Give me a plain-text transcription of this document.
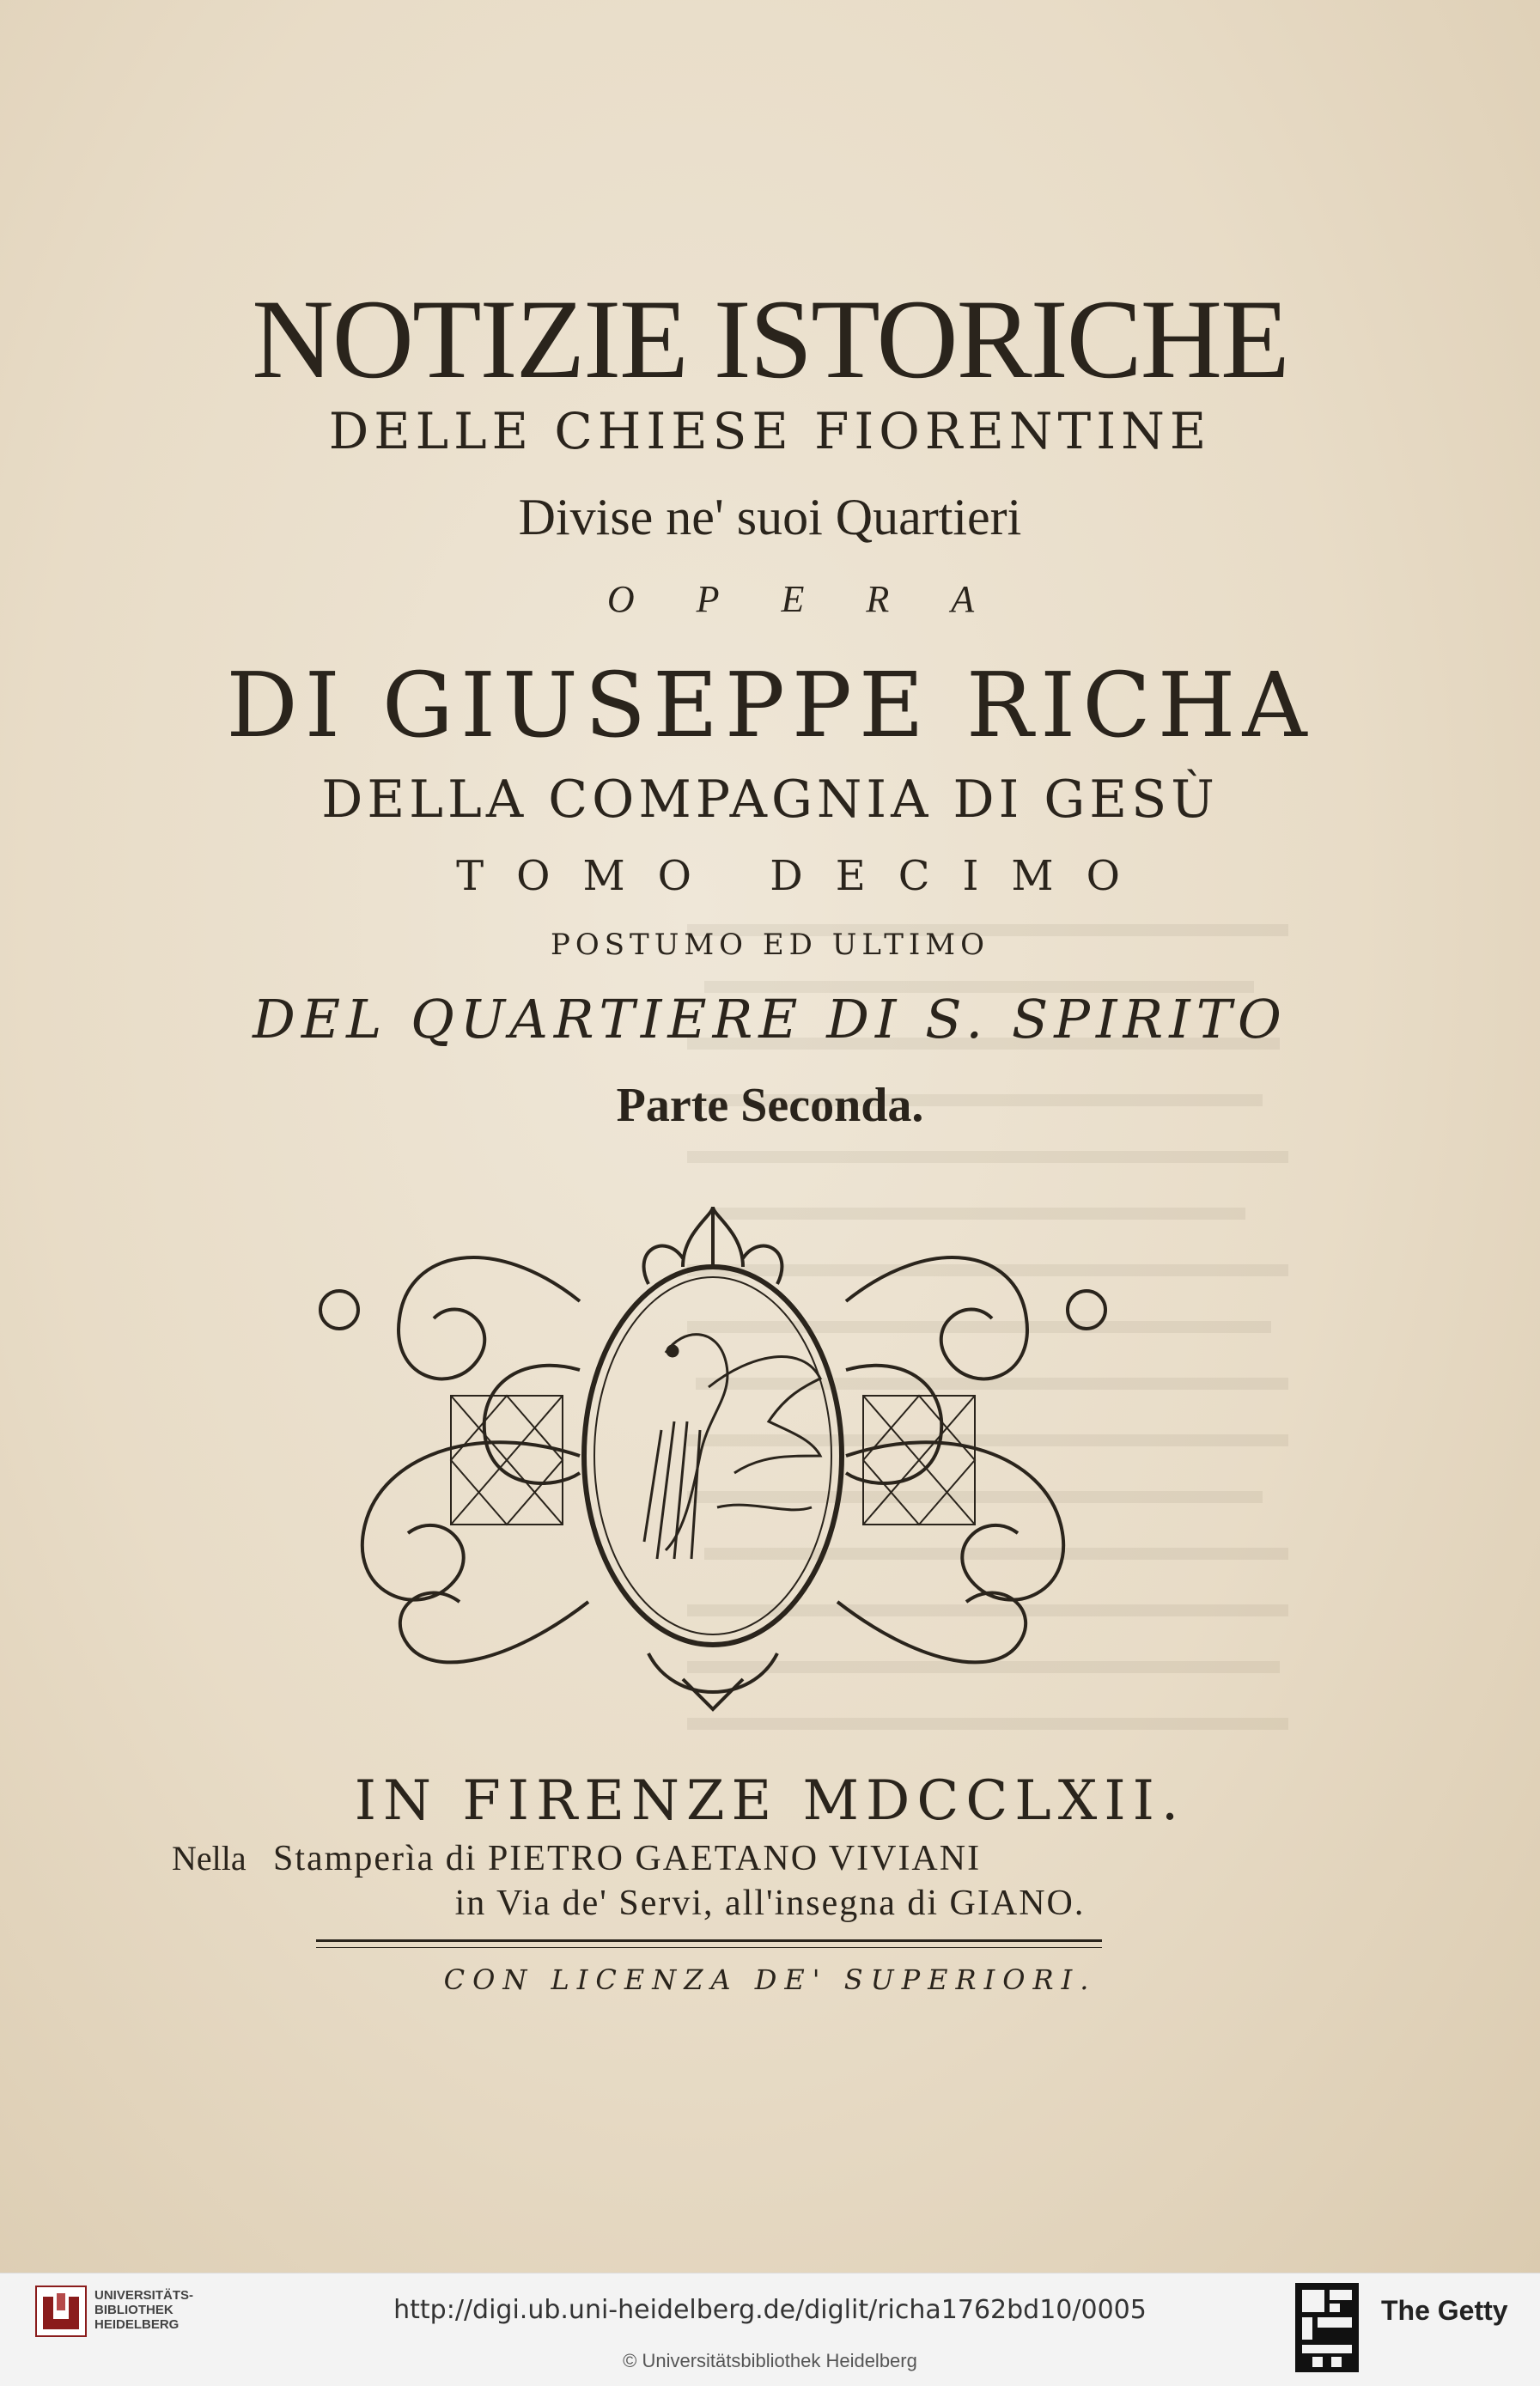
NOTIZIE ISTORICHE
DELLE CHIESE FIORENTINE
Divise ne' suoi Quartieri
OPERA
DI GIUSEPPE RICHA
DELLA COMPAGNIA DI GESÙ
TOMO DECIMO
POSTUMO ED ULTIMO
DEL QUARTIERE DI S. SPIRITO
Parte Seconda.
IN FIRENZE MDCCLXII.
Nella Stamperìa di PIETRO GAETANO VIVIANI
in Via de' Servi, all'insegna di GIANO.
CON LICENZA DE' SUPERIORI.
UNIVERSITÄTS-
BIBLIOTHEK
HEIDELBERG	http://digi.ub.uni-heidelberg.de/diglit/richa1762bd10/0005
© Universitätsbibliothek Heidelberg
The Getty
